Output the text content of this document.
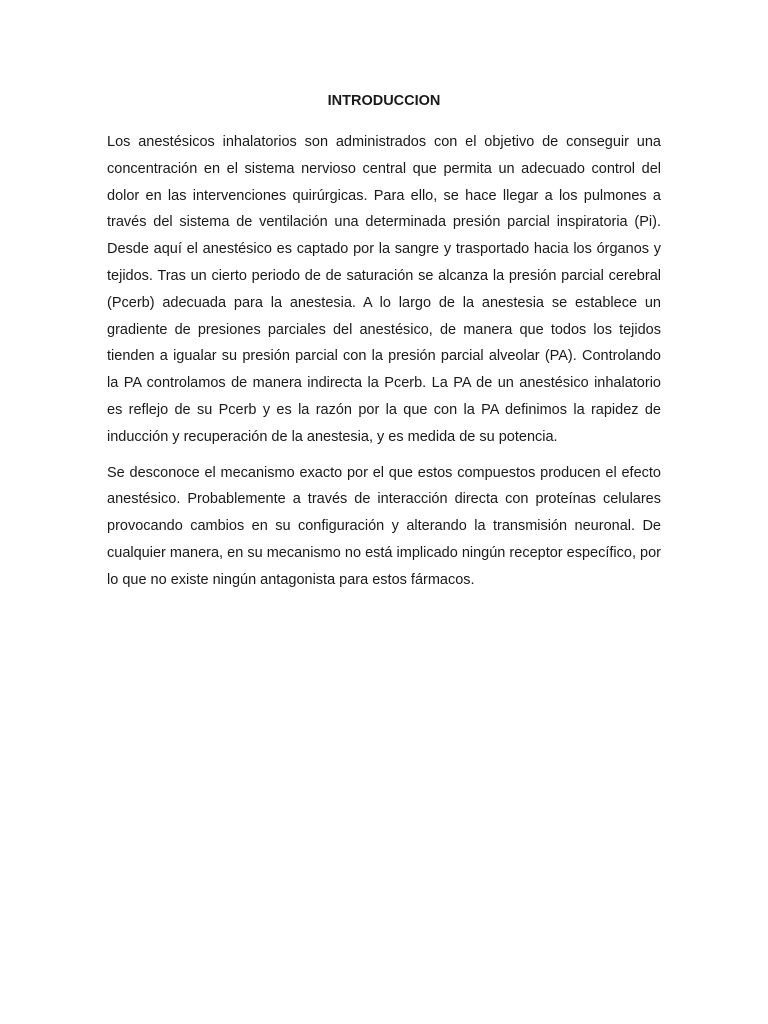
INTRODUCCION

Los anestésicos inhalatorios son administrados con el objetivo de conseguir una concentración en el sistema nervioso central que permita un adecuado control del dolor en las intervenciones quirúrgicas. Para ello, se hace llegar a los pulmones a través del sistema de ventilación una determinada presión parcial inspiratoria (Pi). Desde aquí el anestésico es captado por la sangre y trasportado hacia los órganos y tejidos. Tras un cierto periodo de de saturación se alcanza la presión parcial cerebral (Pcerb) adecuada para la anestesia. A lo largo de la anestesia se establece un gradiente de presiones parciales del anestésico, de manera que todos los tejidos tienden a igualar su presión parcial con la presión parcial alveolar (PA). Controlando la PA controlamos de manera indirecta la Pcerb. La PA de un anestésico inhalatorio es reflejo de su Pcerb y es la razón por la que con la PA definimos la rapidez de inducción y recuperación de la anestesia, y es medida de su potencia.

Se desconoce el mecanismo exacto por el que estos compuestos producen el efecto anestésico. Probablemente a través de interacción directa con proteínas celulares provocando cambios en su configuración y alterando la transmisión neuronal. De cualquier manera, en su mecanismo no está implicado ningún receptor específico, por lo que no existe ningún antagonista para estos fármacos.
